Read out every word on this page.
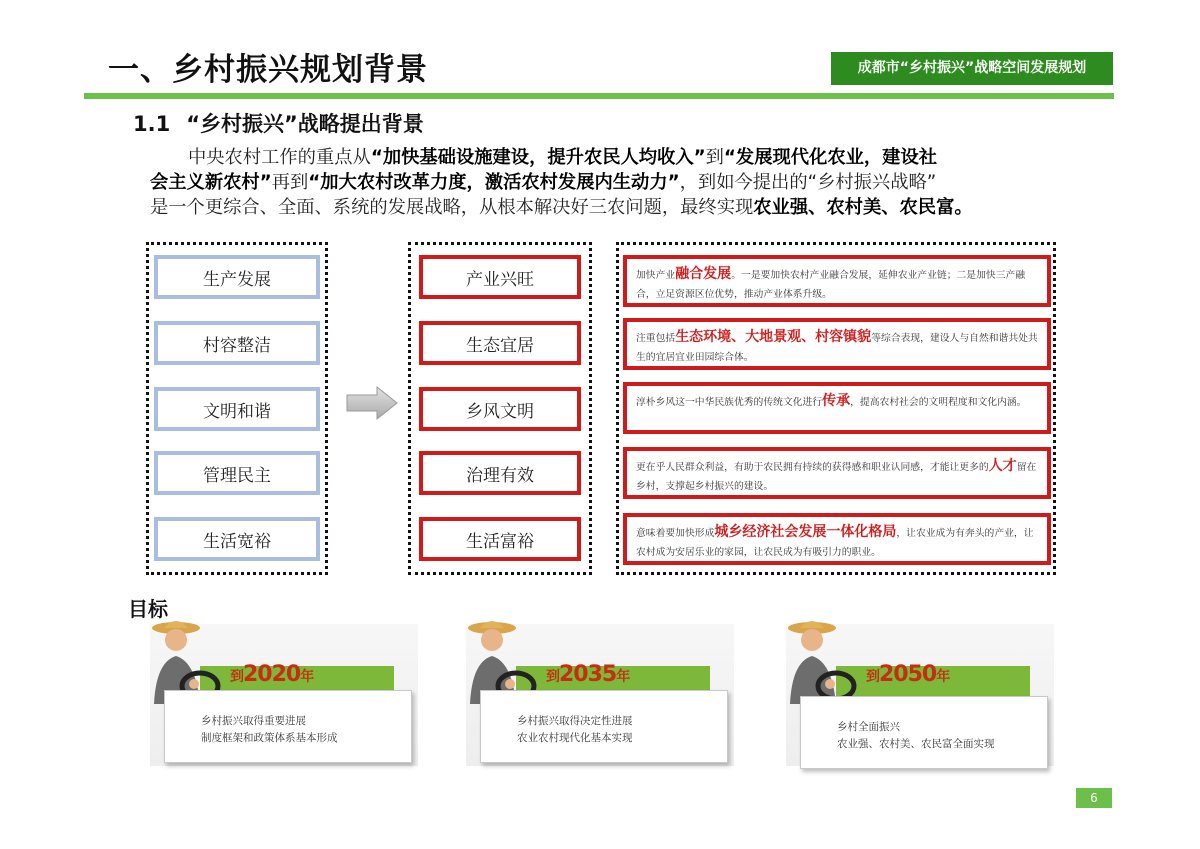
一、乡村振兴规划背景	成都市“乡村振兴”战略空间发展规划
1.1 “乡村振兴”战略提出背景

中央农村工作的重点从“加快基础设施建设，提升农民人均收入”到“发展现代化农业，建设社

会主义新农村”再到“加大农村改革力度，激活农村发展内生动力”，到如今提出的“乡村振兴战略”

是一个更综合、全面、系统的发展战略，从根本解决好三农问题，最终实现农业强、农村美、农民富。

生产发展
村容整洁
文明和谐
管理民主
生活宽裕
产业兴旺
生态宜居
乡风文明
治理有效
生活富裕
加快产业融合发展。一是要加快农村产业融合发展，延伸农业产业链；二是加快三产融合，立足资源区位优势，推动产业体系升级。
注重包括生态环境、大地景观、村容镇貌等综合表现，建设人与自然和谐共处共生的宜居宜业田园综合体。
淳朴乡风这一中华民族优秀的传统文化进行传承，提高农村社会的文明程度和文化内涵。
更在乎人民群众利益，有助于农民拥有持续的获得感和职业认同感，才能让更多的人才留在乡村，支撑起乡村振兴的建设。
意味着要加快形成城乡经济社会发展一体化格局，让农业成为有奔头的产业，让农村成为安居乐业的家园，让农民成为有吸引力的职业。
目标
到2020年
乡村振兴取得重要进展
制度框架和政策体系基本形成
到2035年
乡村振兴取得决定性进展
农业农村现代化基本实现
到2050年
乡村全面振兴
农业强、农村美、农民富全面实现
6
